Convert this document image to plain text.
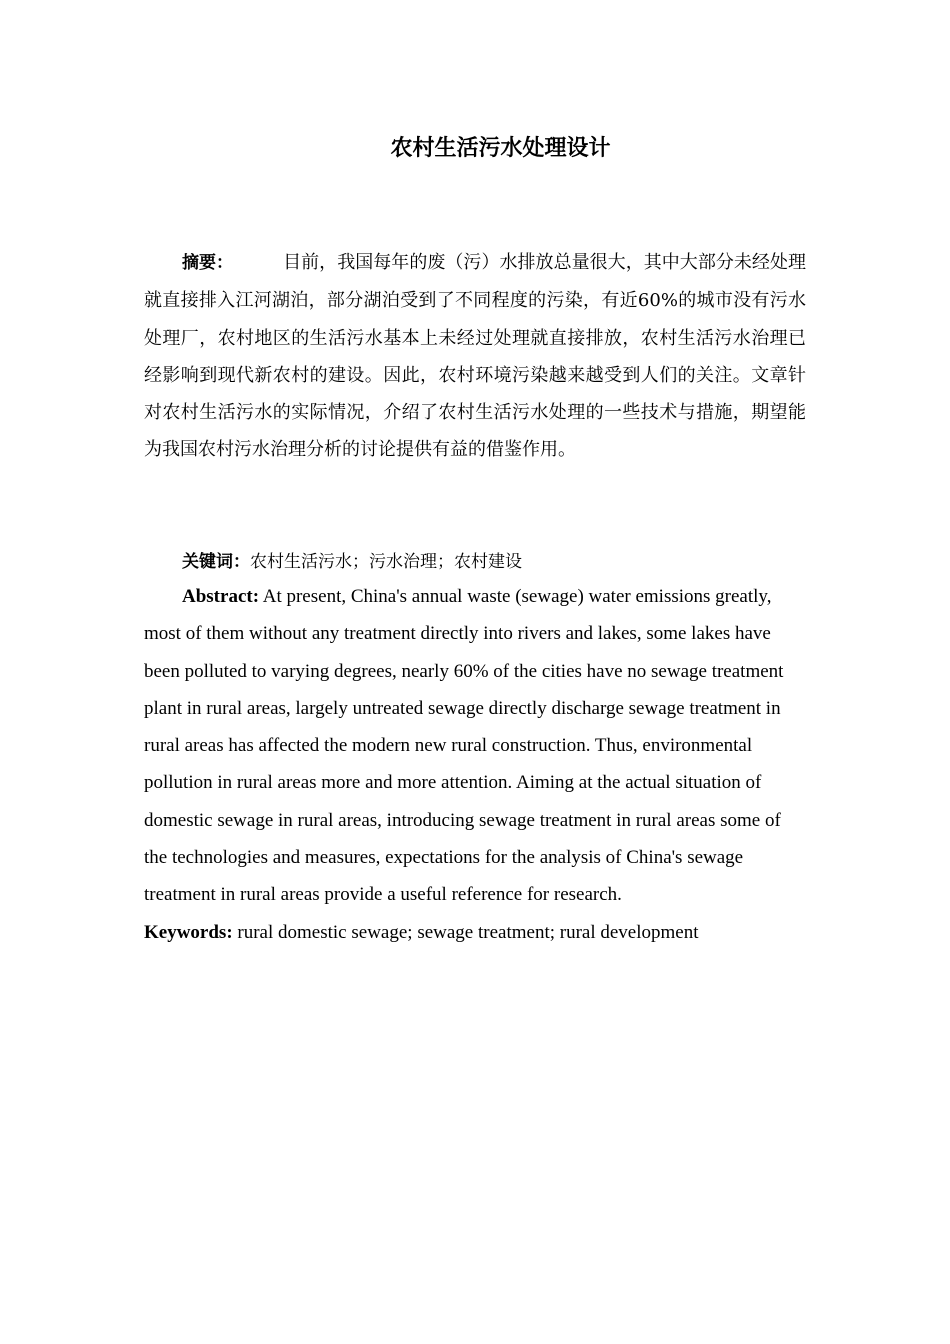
农村生活污水处理设计

摘要：	目前，我国每年的废（污）水排放总量很大，其中大部分未经处理就直接排入江河湖泊，部分湖泊受到了不同程度的污染，有近60%的城市没有污水处理厂，农村地区的生活污水基本上未经过处理就直接排放，农村生活污水治理已经影响到现代新农村的建设。因此，农村环境污染越来越受到人们的关注。文章针对农村生活污水的实际情况，介绍了农村生活污水处理的一些技术与措施，期望能为我国农村污水治理分析的讨论提供有益的借鉴作用。

关键词：农村生活污水；污水治理；农村建设

Abstract: At present, China's annual waste (sewage) water emissions greatly, most of them without any treatment directly into rivers and lakes, some lakes have been polluted to varying degrees, nearly 60% of the cities have no sewage treatment plant in rural areas, largely untreated sewage directly discharge sewage treatment in rural areas has affected the modern new rural construction. Thus, environmental pollution in rural areas more and more attention. Aiming at the actual situation of domestic sewage in rural areas, introducing sewage treatment in rural areas some of the technologies and measures, expectations for the analysis of China's sewage treatment in rural areas provide a useful reference for research.

Keywords: rural domestic sewage; sewage treatment; rural development
